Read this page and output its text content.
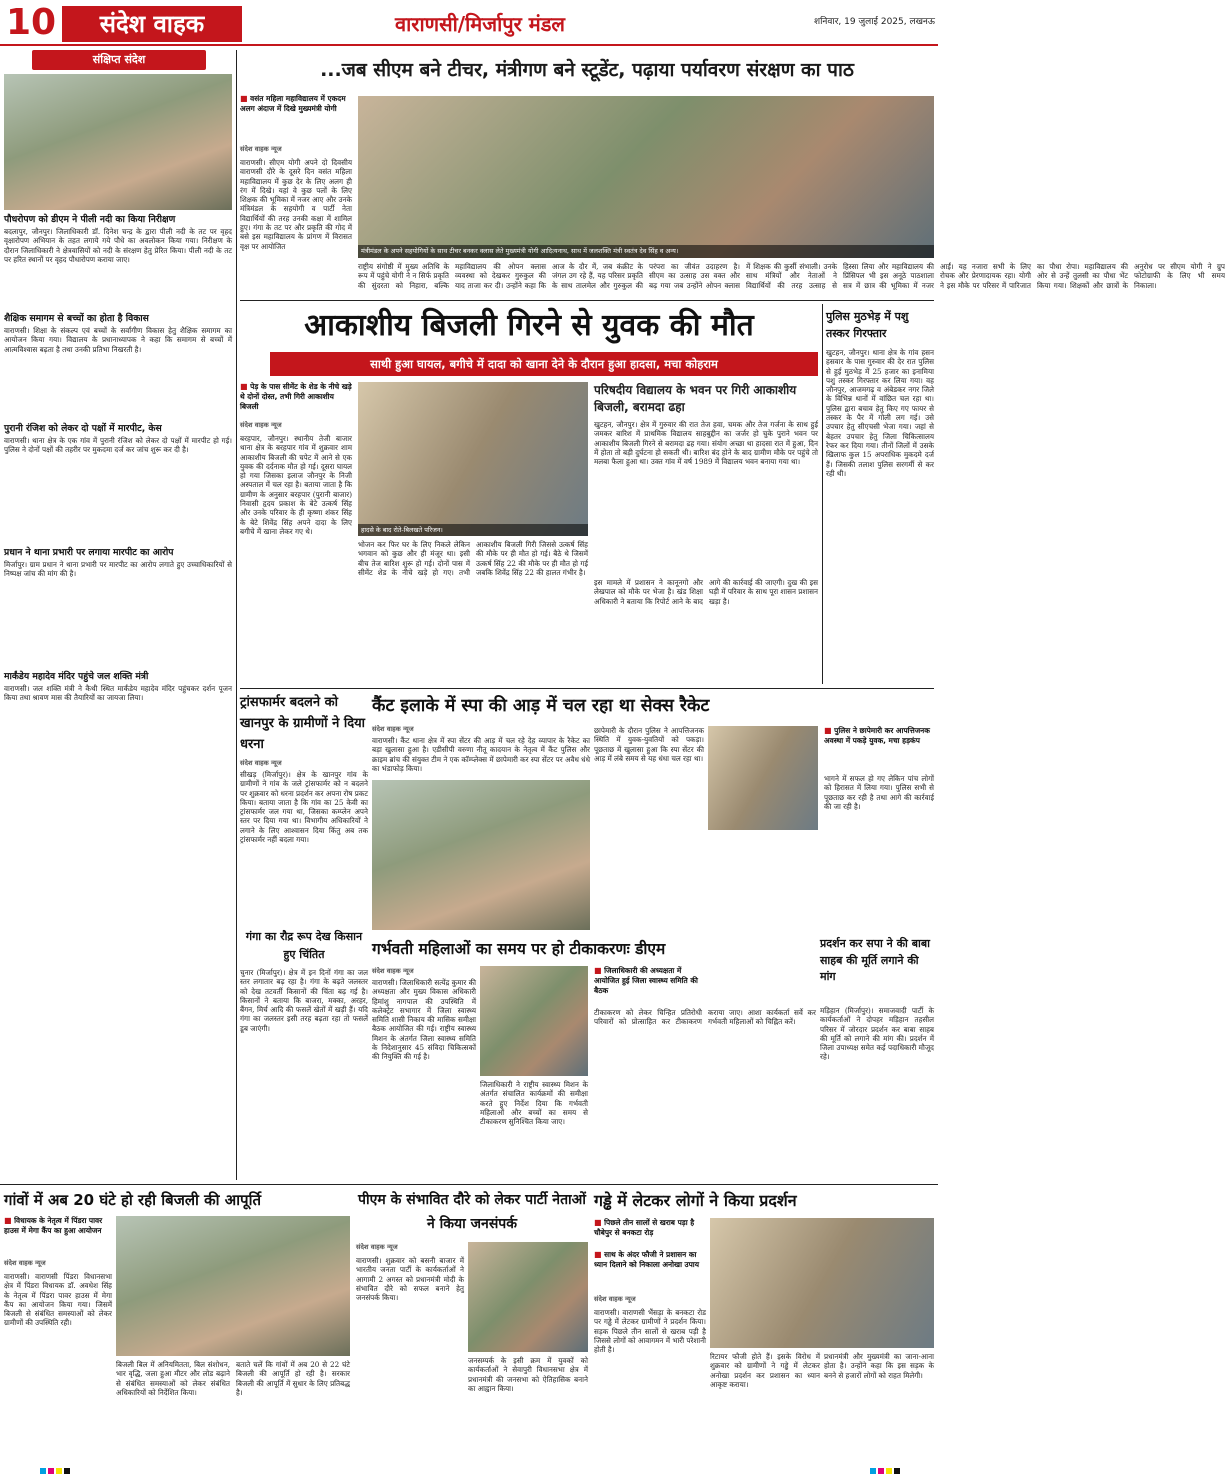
10	संदेश वाहक	वाराणसी/मिर्जापुर मंडल	शनिवार, 19 जुलाई 2025, लखनऊ
संक्षिप्त संदेश
पौधरोपण को डीएम ने पीली नदी का किया निरीक्षण
बदलापुर, जौनपुर। जिलाधिकारी डॉ. दिनेश चन्द्र के द्वारा पीली नदी के तट पर वृहद वृक्षारोपण अभियान के तहत लगाये गये पौधे का अवलोकन किया गया। निरीक्षण के दौरान जिलाधिकारी ने क्षेत्रवासियों को नदी के संरक्षण हेतु प्रेरित किया। पीली नदी के तट पर हरित स्थानों पर वृहद पौधारोपण कराया जाए।
शैक्षिक समागम से बच्चों का होता है विकास
वाराणसी। शिक्षा के संकल्प एवं बच्चों के सर्वांगीण विकास हेतु शैक्षिक समागम का आयोजन किया गया। विद्यालय के प्रधानाध्यापक ने कहा कि समागम से बच्चों में आत्मविश्वास बढ़ता है तथा उनकी प्रतिभा निखरती है।
पुरानी रंजिश को लेकर दो पक्षों में मारपीट, केस
वाराणसी। थाना क्षेत्र के एक गांव में पुरानी रंजिश को लेकर दो पक्षों में मारपीट हो गई। पुलिस ने दोनों पक्षों की तहरीर पर मुकदमा दर्ज कर जांच शुरू कर दी है।
प्रधान ने थाना प्रभारी पर लगाया मारपीट का आरोप
मिर्जापुर। ग्राम प्रधान ने थाना प्रभारी पर मारपीट का आरोप लगाते हुए उच्चाधिकारियों से निष्पक्ष जांच की मांग की है।
मार्कंडेय महादेव मंदिर पहुंचे जल शक्ति मंत्री
वाराणसी। जल शक्ति मंत्री ने कैथी स्थित मार्कंडेय महादेव मंदिर पहुंचकर दर्शन पूजन किया तथा श्रावण मास की तैयारियों का जायजा लिया।
...जब सीएम बने टीचर, मंत्रीगण बने स्टूडेंट, पढ़ाया पर्यावरण संरक्षण का पाठ
■ वसंत महिला महाविद्यालय में एकदम अलग अंदाज में दिखे मुख्यमंत्री योगी
संदेश वाहक न्यूज
वाराणसी। सीएम योगी अपने दो दिवसीय वाराणसी दौरे के दूसरे दिन वसंत महिला महाविद्यालय में कुछ देर के लिए अलग ही रंग में दिखे। यहां वे कुछ पलों के लिए शिक्षक की भूमिका में नजर आए और उनके मंत्रिमंडल के सहयोगी व पार्टी नेता विद्यार्थियों की तरह उनकी कक्षा में शामिल हुए। गंगा के तट पर और प्रकृति की गोद में बसे इस महाविद्यालय के प्रांगण में विरासत वृक्ष पर आयोजित
मंत्रीमंडल के अपने सहयोगियों के साथ टीचर बनकर क्लास लेते मुख्यमंत्री योगी आदित्यनाथ, साथ में जलशक्ति मंत्री स्वतंत्र देव सिंह व अन्य।
राष्ट्रीय संगोष्ठी में मुख्य अतिथि के रूप में पहुंचे योगी ने न सिर्फ प्रकृति की सुंदरता को निहारा, बल्कि महाविद्यालय की ओपन क्लास व्यवस्था को देखकर गुरुकुल की याद ताजा कर दी। उन्होंने कहा कि आज के दौर में, जब कंक्रीट के जंगल उग रहे हैं, यह परिसर प्रकृति के साथ तालमेल और गुरुकुल की परंपरा का जीवंत उदाहरण है। सीएम का उत्साह उस वक्त और बढ़ गया जब उन्होंने ओपन क्लास में शिक्षक की कुर्सी संभाली। उनके साथ मंत्रियों और नेताओं ने विद्यार्थियों की तरह उत्साह से हिस्सा लिया और महाविद्यालय की प्रिंसिपल भी इस अनूठे पाठशाला सत्र में छात्र की भूमिका में नजर आईं। यह नजारा सभी के लिए रोचक और प्रेरणादायक रहा। योगी ने इस मौके पर परिसर में पारिजात का पौधा रोपा। महाविद्यालय की ओर से उन्हें तुलसी का पौधा भेंट किया गया। शिक्षकों और छात्रों के अनुरोध पर सीएम योगी ने ग्रुप फोटोग्राफी के लिए भी समय निकाला।
आकाशीय बिजली गिरने से युवक की मौत
साथी हुआ घायल, बगीचे में दादा को खाना देने के दौरान हुआ हादसा, मचा कोहराम
■ पेड़ के पास सीमेंट के शेड के नीचे खड़े थे दोनों दोस्त, तभी गिरी आकाशीय बिजली
संदेश वाहक न्यूज
बरहपार, जौनपुर। स्थानीय तेजी बाजार थाना क्षेत्र के बरहपार गांव में शुक्रवार शाम आकाशीय बिजली की चपेट में आने से एक युवक की दर्दनाक मौत हो गई। दूसरा घायल हो गया जिसका इलाज जौनपुर के निजी अस्पताल में चल रहा है। बताया जाता है कि ग्रामीण के अनुसार बरहपार (पुरानी बाजार) निवासी हृदय प्रकाश के बेटे उत्कर्ष सिंह और उनके परिवार के ही कृष्णा शंकर सिंह के बेटे शिवेंद्र सिंह अपने दादा के लिए बगीचे में खाना लेकर गए थे।	हादसे के बाद रोते-बिलखते परिजन।
भोजन कर फिर घर के लिए निकले लेकिन भगवान को कुछ और ही मंजूर था। इसी बीच तेज बारिश शुरू हो गई। दोनों पास में सीमेंट शेड के नीचे खड़े हो गए। तभी आकाशीय बिजली गिरी जिससे उत्कर्ष सिंह की मौके पर ही मौत हो गई। बैठे थे जिसमें उत्कर्ष सिंह 22 की मौके पर ही मौत हो गई जबकि शिवेंद्र सिंह 22 की हालत गंभीर है।
परिषदीय विद्यालय के भवन पर गिरी आकाशीय बिजली, बरामदा ढहा
खुटहन, जौनपुर। क्षेत्र में गुरुवार की रात तेज हवा, चमक और तेज गर्जना के साथ हुई जमकर बारिश में प्राथमिक विद्यालय साहबुद्दीन का जर्जर हो चुके पुराने भवन पर आकाशीय बिजली गिरने से बरामदा ढह गया। संयोग अच्छा था हादसा रात में हुआ, दिन में होता तो बड़ी दुर्घटना हो सकती थी। बारिश बंद होने के बाद ग्रामीण मौके पर पहुंचे तो मलबा फैला हुआ था। उक्त गांव में वर्ष 1989 में विद्यालय भवन बनाया गया था।
इस मामले में प्रशासन ने कानूनगो और लेखपाल को मौके पर भेजा है। खंड शिक्षा अधिकारी ने बताया कि रिपोर्ट आने के बाद आगे की कार्रवाई की जाएगी। दुख की इस घड़ी में परिवार के साथ पूरा शासन प्रशासन खड़ा है।
पुलिस मुठभेड़ में पशु तस्कर गिरफ्तार
खुटहन, जौनपुर। थाना क्षेत्र के गांव हसन हसवार के पास गुरुवार की देर रात पुलिस से हुई मुठभेड़ में 25 हजार का इनामिया पशु तस्कर गिरफ्तार कर लिया गया। वह जौनपुर, आजमगढ़ व अंबेडकर नगर जिले के विभिन्न थानों में वांछित चल रहा था। पुलिस द्वारा बचाव हेतु किए गए फायर से तस्कर के पैर में गोली लग गई। उसे उपचार हेतु सीएचसी भेजा गया। जहां से बेहतर उपचार हेतु जिला चिकित्सालय रेफर कर दिया गया। तीनों जिलों में उसके खिलाफ कुल 15 अपराधिक मुकदमे दर्ज हैं। जिसकी तलाश पुलिस सरगर्मी से कर रही थी।
ट्रांसफार्मर बदलने को खानपुर के ग्रामीणों ने दिया धरना
संदेश वाहक न्यूज
सीखड़ (मिर्जापुर)। क्षेत्र के खानपुर गांव के ग्रामीणों ने गांव के जले ट्रांसफार्मर को न बदलने पर शुक्रवार को धरना प्रदर्शन कर अपना रोष प्रकट किया। बताया जाता है कि गांव का 25 केवी का ट्रांसफार्मर जल गया था, जिसका कम्प्लेन अपने स्तर पर दिया गया था। विभागीय अधिकारियों ने लगाने के लिए आश्वासन दिया किंतु अब तक ट्रांसफार्मर नहीं बदला गया।
गंगा का रौद्र रूप देख किसान हुए चिंतित
चुनार (मिर्जापुर)। क्षेत्र में इन दिनों गंगा का जल स्तर लगातार बढ़ रहा है। गंगा के बढ़ते जलस्तर को देख तटवर्ती किसानों की चिंता बढ़ गई है। किसानों ने बताया कि बाजरा, मक्का, अरहर, बैंगन, मिर्च आदि की फसलें खेतों में खड़ी हैं। यदि गंगा का जलस्तर इसी तरह बढ़ता रहा तो फसलें डूब जाएंगी।
कैंट इलाके में स्पा की आड़ में चल रहा था सेक्स रैकेट
संदेश वाहक न्यूज
वाराणसी। कैंट थाना क्षेत्र में स्पा सेंटर की आड़ में चल रहे देह व्यापार के रैकेट का बड़ा खुलासा हुआ है। एडीसीपी वरुणा नीतू कादयान के नेतृत्व में कैंट पुलिस और क्राइम ब्रांच की संयुक्त टीम ने एक कॉम्प्लेक्स में छापेमारी कर स्पा सेंटर पर अवैध धंधे का भंडाफोड़ किया।
छापेमारी के दौरान पुलिस ने आपत्तिजनक स्थिति में युवक-युवतियों को पकड़ा। पूछताछ में खुलासा हुआ कि स्पा सेंटर की आड़ में लंबे समय से यह धंधा चल रहा था।
■ पुलिस ने छापेमारी कर आपत्तिजनक अवस्था में पकड़े युवक, मचा हड़कंप
भागने में सफल हो गए लेकिन पांच लोगों को हिरासत में लिया गया। पुलिस सभी से पूछताछ कर रही है तथा आगे की कार्रवाई की जा रही है।
गर्भवती महिलाओं का समय पर हो टीकाकरणः डीएम
संदेश वाहक न्यूज
वाराणसी। जिलाधिकारी सत्येंद्र कुमार की अध्यक्षता और मुख्य विकास अधिकारी हिमांशु नागपाल की उपस्थिति में कलेक्ट्रेट सभागार में जिला स्वास्थ्य समिति शासी निकाय की मासिक समीक्षा बैठक आयोजित की गई। राष्ट्रीय स्वास्थ्य मिशन के अंतर्गत जिला स्वास्थ्य समिति के निदेशानुसार 45 संविदा चिकित्सकों की नियुक्ति की गई है।
जिलाधिकारी ने राष्ट्रीय स्वास्थ्य मिशन के अंतर्गत संचालित कार्यक्रमों की समीक्षा करते हुए निर्देश दिया कि गर्भवती महिलाओं और बच्चों का समय से टीकाकरण सुनिश्चित किया जाए।
■ जिलाधिकारी की अध्यक्षता में आयोजित हुई जिला स्वास्थ्य समिति की बैठक
टीकाकरण को लेकर चिन्हित प्रतिरोधी परिवारों को प्रोत्साहित कर टीकाकरण कराया जाए। आशा कार्यकर्ता सर्वे कर गर्भवती महिलाओं को चिह्नित करें।
प्रदर्शन कर सपा ने की बाबा साहब की मूर्ति लगाने की मांग
मड़िहान (मिर्जापुर)। समाजवादी पार्टी के कार्यकर्ताओं ने दोपहर मड़िहान तहसील परिसर में जोरदार प्रदर्शन कर बाबा साहब की मूर्ति को लगाने की मांग की। प्रदर्शन में जिला उपाध्यक्ष समेत कई पदाधिकारी मौजूद रहे।
गांवों में अब 20 घंटे हो रही बिजली की आपूर्ति
■ विधायक के नेतृत्व में पिंडरा पावर हाउस में मेगा कैंप का हुआ आयोजन
संदेश वाहक न्यूज
वाराणसी। वाराणसी पिंडरा विधानसभा क्षेत्र में पिंडरा विधायक डॉ. अवधेश सिंह के नेतृत्व में पिंडरा पावर हाउस में मेगा कैंप का आयोजन किया गया। जिसमें बिजली से संबंधित समस्याओं को लेकर ग्रामीणों की उपस्थिति रही।
बिजली बिल में अनियमितता, बिल संशोधन, भार वृद्धि, जला हुआ मीटर और लोड बढ़ाने से संबंधित समस्याओं को लेकर संबंधित अधिकारियों को निर्देशित किया।
बताते चलें कि गांवों में अब 20 से 22 घंटे बिजली की आपूर्ति हो रही है। सरकार बिजली की आपूर्ति में सुधार के लिए प्रतिबद्ध है।
पीएम के संभावित दौरे को लेकर पार्टी नेताओं ने किया जनसंपर्क
संदेश वाहक न्यूज
वाराणसी। शुक्रवार को बसनी बाजार में भारतीय जनता पार्टी के कार्यकर्ताओं ने आगामी 2 अगस्त को प्रधानमंत्री मोदी के संभावित दौरे को सफल बनाने हेतु जनसंपर्क किया।
जनसम्पर्क के इसी क्रम में युवकों को कार्यकर्ताओं ने सेवापुरी विधानसभा क्षेत्र में प्रधानमंत्री की जनसभा को ऐतिहासिक बनाने का आह्वान किया।
गड्ढे में लेटकर लोगों ने किया प्रदर्शन
■ पिछले तीन सालों से खराब पड़ा है चौबेपुर से बनकटा रोड़
■ साथ के अंदर फौजी ने प्रशासन का ध्यान दिलाने को निकाला अनोखा उपाय
संदेश वाहक न्यूज
वाराणसी। वाराणसी भैंसड़ा के बनकटा रोड पर गड्ढे में लेटकर ग्रामीणों ने प्रदर्शन किया। सड़क पिछले तीन सालों से खराब पड़ी है जिससे लोगों को आवागमन में भारी परेशानी होती है।
रिटायर फौजी होते हैं। इसके विरोध में शुक्रवार को ग्रामीणों ने गड्ढे में लेटकर अनोखा प्रदर्शन कर प्रशासन का ध्यान आकृष्ट कराया।
प्रधानमंत्री और मुख्यमंत्री का जाना-आना होता है। उन्होंने कहा कि इस सड़क के बनने से हजारों लोगों को राहत मिलेगी।
